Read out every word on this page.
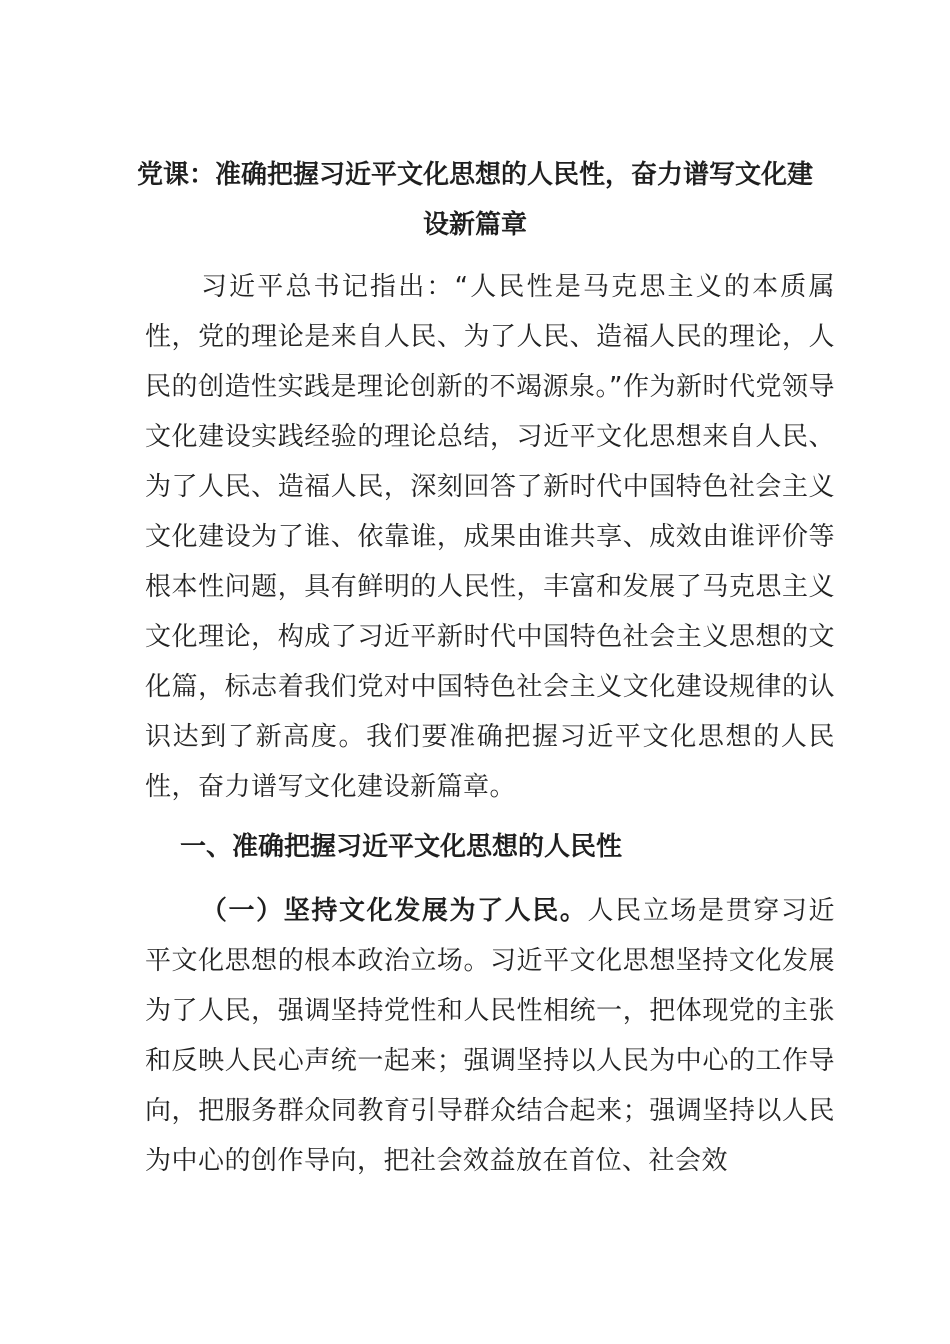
党课：准确把握习近平文化思想的人民性，奋力谱写文化建设新篇章
习近平总书记指出：“人民性是马克思主义的本质属性，党的理论是来自人民、为了人民、造福人民的理论，人民的创造性实践是理论创新的不竭源泉。”作为新时代党领导文化建设实践经验的理论总结，习近平文化思想来自人民、为了人民、造福人民，深刻回答了新时代中国特色社会主义文化建设为了谁、依靠谁，成果由谁共享、成效由谁评价等根本性问题，具有鲜明的人民性，丰富和发展了马克思主义文化理论，构成了习近平新时代中国特色社会主义思想的文化篇，标志着我们党对中国特色社会主义文化建设规律的认识达到了新高度。我们要准确把握习近平文化思想的人民性，奋力谱写文化建设新篇章。
一、准确把握习近平文化思想的人民性
（一）坚持文化发展为了人民。人民立场是贯穿习近平文化思想的根本政治立场。习近平文化思想坚持文化发展为了人民，强调坚持党性和人民性相统一，把体现党的主张和反映人民心声统一起来；强调坚持以人民为中心的工作导向，把服务群众同教育引导群众结合起来；强调坚持以人民为中心的创作导向，把社会效益放在首位、社会效
